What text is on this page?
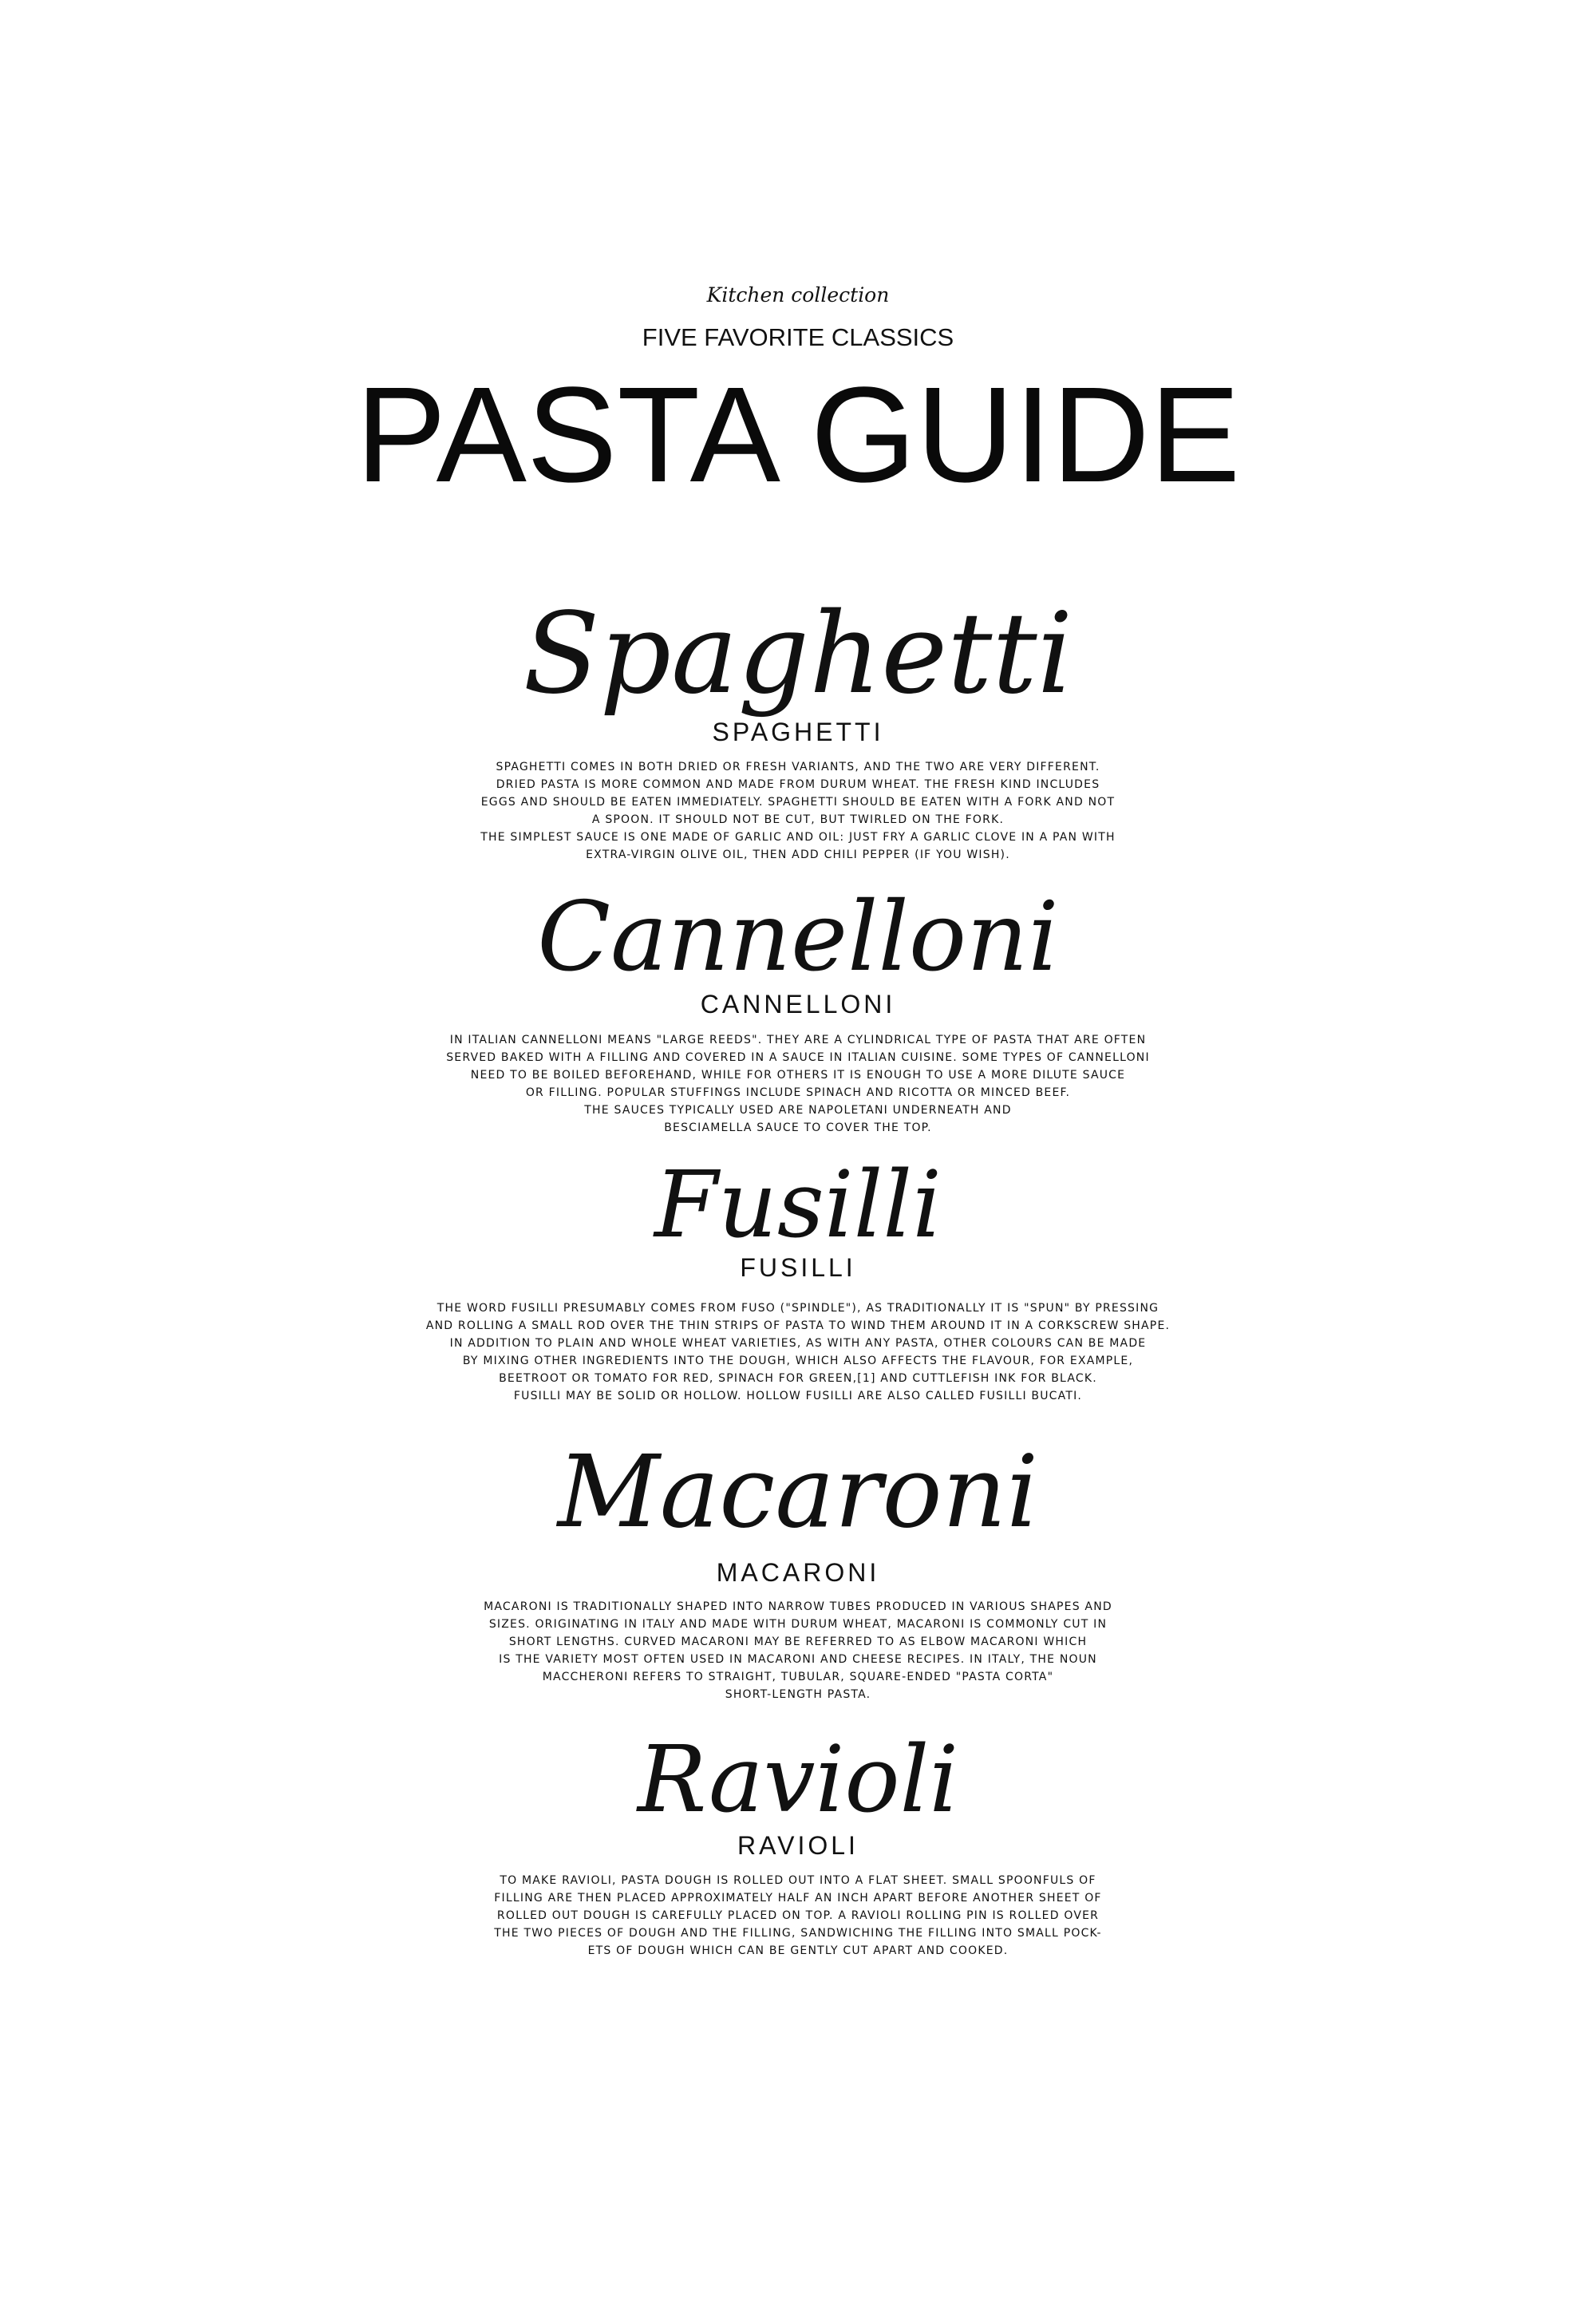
Kitchen collection
FIVE FAVORITE CLASSICS
PASTA GUIDE
Spaghetti
SPAGHETTI
SPAGHETTI COMES IN BOTH DRIED OR FRESH VARIANTS, AND THE TWO ARE VERY DIFFERENT.
DRIED PASTA IS MORE COMMON AND MADE FROM DURUM WHEAT. THE FRESH KIND INCLUDES
EGGS AND SHOULD BE EATEN IMMEDIATELY. SPAGHETTI SHOULD BE EATEN WITH A FORK AND NOT
A SPOON. IT SHOULD NOT BE CUT, BUT TWIRLED ON THE FORK.
THE SIMPLEST SAUCE IS ONE MADE OF GARLIC AND OIL: JUST FRY A GARLIC CLOVE IN A PAN WITH
EXTRA-VIRGIN OLIVE OIL, THEN ADD CHILI PEPPER (IF YOU WISH).
Cannelloni
CANNELLONI
IN ITALIAN CANNELLONI MEANS "LARGE REEDS". THEY ARE A CYLINDRICAL TYPE OF PASTA THAT ARE OFTEN
SERVED BAKED WITH A FILLING AND COVERED IN A SAUCE IN ITALIAN CUISINE. SOME TYPES OF CANNELLONI
NEED TO BE BOILED BEFOREHAND, WHILE FOR OTHERS IT IS ENOUGH TO USE A MORE DILUTE SAUCE
OR FILLING. POPULAR STUFFINGS INCLUDE SPINACH AND RICOTTA OR MINCED BEEF.
THE SAUCES TYPICALLY USED ARE NAPOLETANI UNDERNEATH AND
BESCIAMELLA SAUCE TO COVER THE TOP.
Fusilli
FUSILLI
THE WORD FUSILLI PRESUMABLY COMES FROM FUSO ("SPINDLE"), AS TRADITIONALLY IT IS "SPUN" BY PRESSING
AND ROLLING A SMALL ROD OVER THE THIN STRIPS OF PASTA TO WIND THEM AROUND IT IN A CORKSCREW SHAPE.
IN ADDITION TO PLAIN AND WHOLE WHEAT VARIETIES, AS WITH ANY PASTA, OTHER COLOURS CAN BE MADE
BY MIXING OTHER INGREDIENTS INTO THE DOUGH, WHICH ALSO AFFECTS THE FLAVOUR, FOR EXAMPLE,
BEETROOT OR TOMATO FOR RED, SPINACH FOR GREEN,[1] AND CUTTLEFISH INK FOR BLACK.
FUSILLI MAY BE SOLID OR HOLLOW. HOLLOW FUSILLI ARE ALSO CALLED FUSILLI BUCATI.
Macaroni
MACARONI
MACARONI IS TRADITIONALLY SHAPED INTO NARROW TUBES PRODUCED IN VARIOUS SHAPES AND
SIZES. ORIGINATING IN ITALY AND MADE WITH DURUM WHEAT, MACARONI IS COMMONLY CUT IN
SHORT LENGTHS. CURVED MACARONI MAY BE REFERRED TO AS ELBOW MACARONI WHICH
IS THE VARIETY MOST OFTEN USED IN MACARONI AND CHEESE RECIPES. IN ITALY, THE NOUN
MACCHERONI REFERS TO STRAIGHT, TUBULAR, SQUARE-ENDED "PASTA CORTA"
SHORT-LENGTH PASTA.
Ravioli
RAVIOLI
TO MAKE RAVIOLI, PASTA DOUGH IS ROLLED OUT INTO A FLAT SHEET. SMALL SPOONFULS OF
FILLING ARE THEN PLACED APPROXIMATELY HALF AN INCH APART BEFORE ANOTHER SHEET OF
ROLLED OUT DOUGH IS CAREFULLY PLACED ON TOP. A RAVIOLI ROLLING PIN IS ROLLED OVER
THE TWO PIECES OF DOUGH AND THE FILLING, SANDWICHING THE FILLING INTO SMALL POCK-
ETS OF DOUGH WHICH CAN BE GENTLY CUT APART AND COOKED.
